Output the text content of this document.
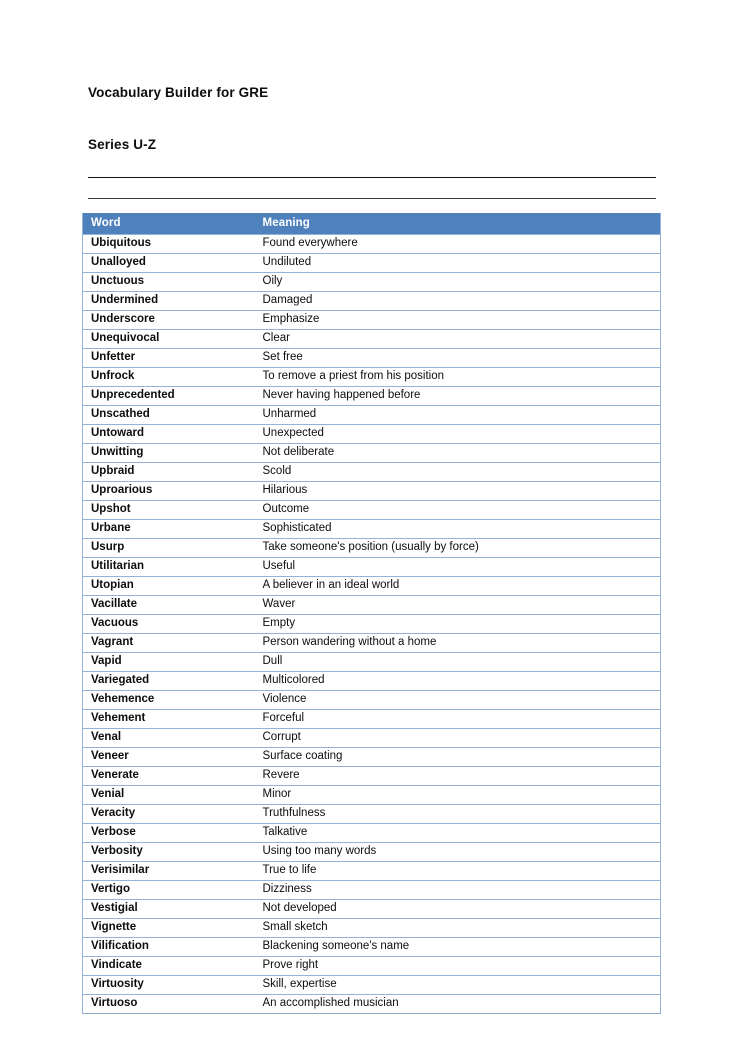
Vocabulary Builder for GRE
Series U-Z
Word	Meaning
Ubiquitous	Found everywhere
Unalloyed	Undiluted
Unctuous	Oily
Undermined	Damaged
Underscore	Emphasize
Unequivocal	Clear
Unfetter	Set free
Unfrock	To remove a priest from his position
Unprecedented	Never having happened before
Unscathed	Unharmed
Untoward	Unexpected
Unwitting	Not deliberate
Upbraid	Scold
Uproarious	Hilarious
Upshot	Outcome
Urbane	Sophisticated
Usurp	Take someone's position (usually by force)
Utilitarian	Useful
Utopian	A believer in an ideal world
Vacillate	Waver
Vacuous	Empty
Vagrant	Person wandering without a home
Vapid	Dull
Variegated	Multicolored
Vehemence	Violence
Vehement	Forceful
Venal	Corrupt
Veneer	Surface coating
Venerate	Revere
Venial	Minor
Veracity	Truthfulness
Verbose	Talkative
Verbosity	Using too many words
Verisimilar	True to life
Vertigo	Dizziness
Vestigial	Not developed
Vignette	Small sketch
Vilification	Blackening someone's name
Vindicate	Prove right
Virtuosity	Skill, expertise
Virtuoso	An accomplished musician
